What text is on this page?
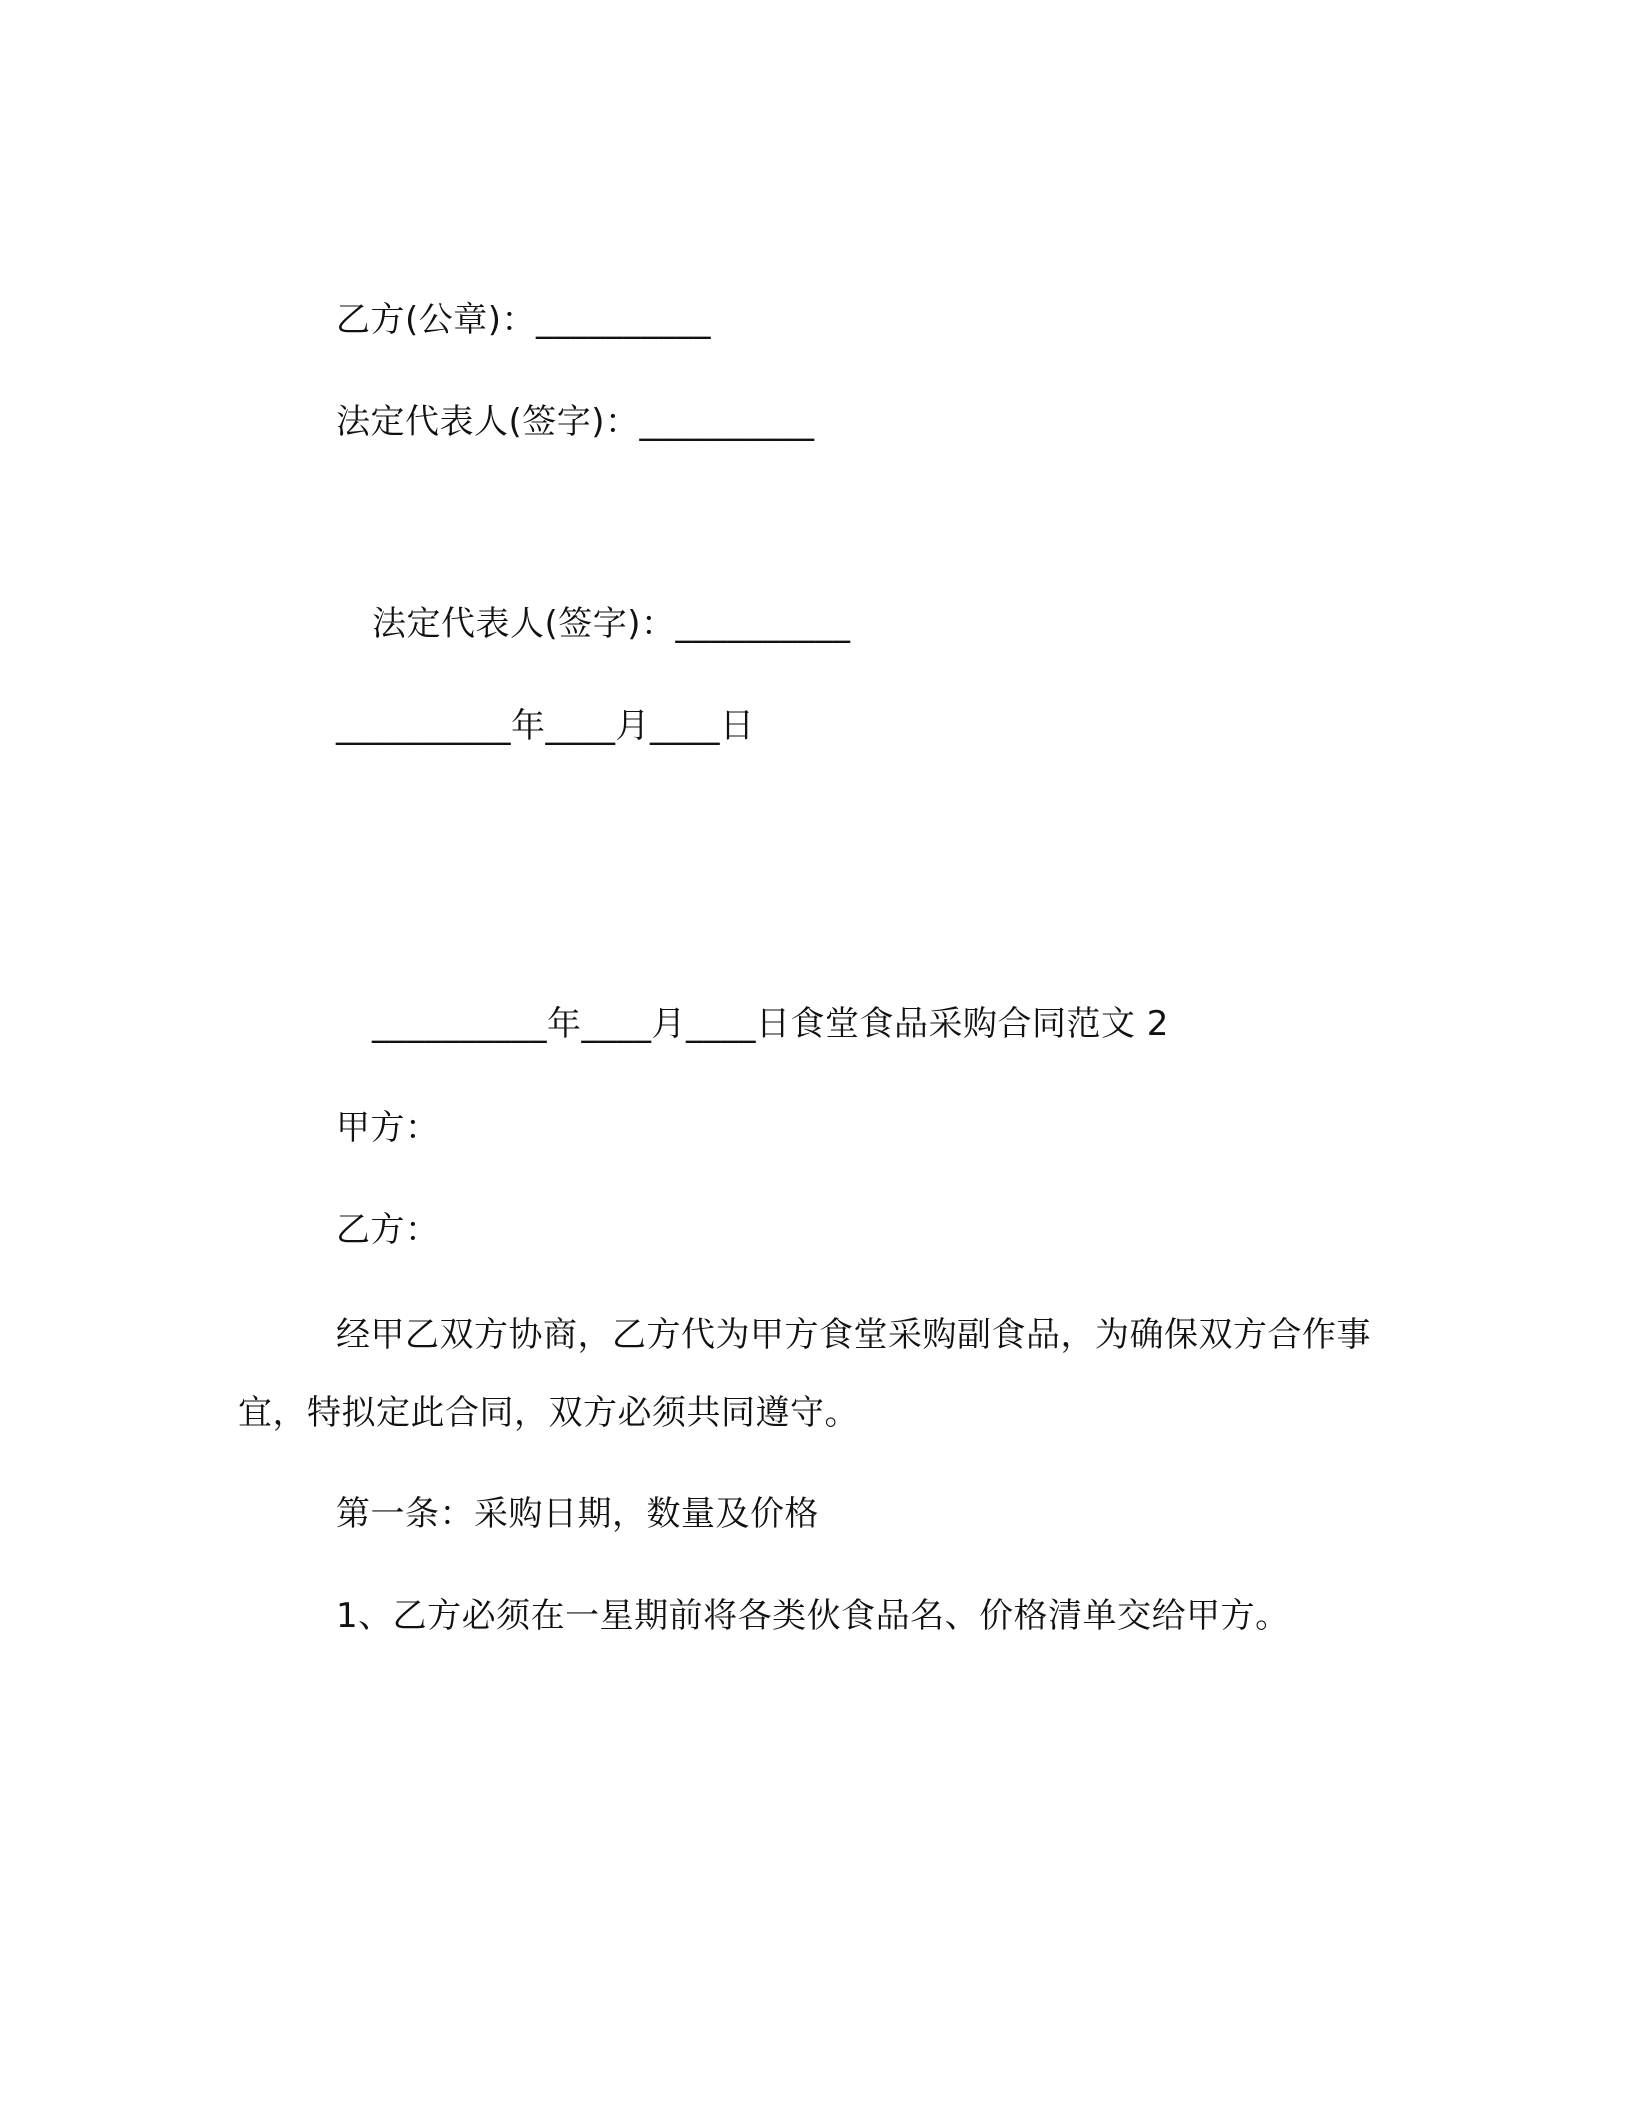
乙方(公章)：__________
法定代表人(签字)：__________
法定代表人(签字)：__________
__________年____月____日
__________年____月____日食堂食品采购合同范文 2
甲方：
乙方：
经甲乙双方协商，乙方代为甲方食堂采购副食品，为确保双方合作事宜，特拟定此合同，双方必须共同遵守。
第一条：采购日期，数量及价格
1、乙方必须在一星期前将各类伙食品名、价格清单交给甲方。
